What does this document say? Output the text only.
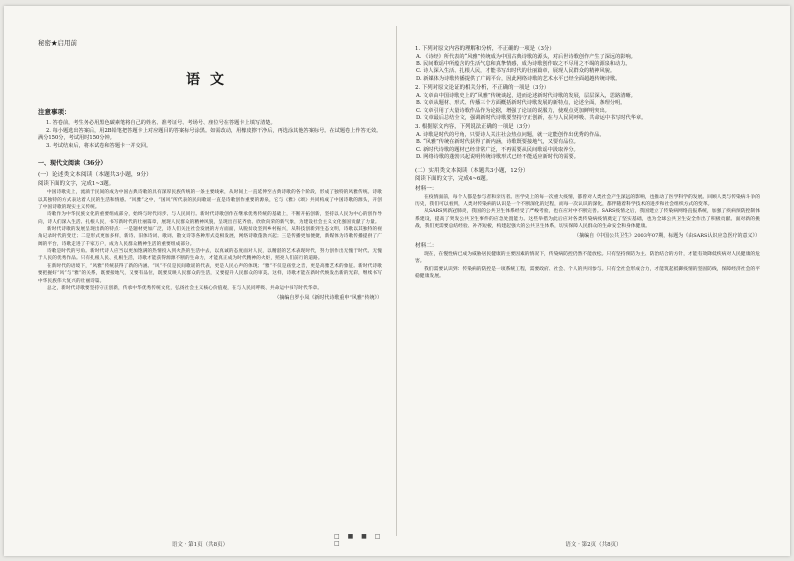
秘密★启用前
语文
注意事项：
1. 答卷前，考生务必用黑色碳素笔将自己的姓名、准考证号、考场号、座位号在答题卡上填写清楚。
2. 每小题选出答案后，用2B铅笔把答题卡上对应题目的答案标号涂黑。如需改动，用橡皮擦干净后，再选涂其他答案标号。在试题卷上作答无效。满分150分，考试用时150分钟。
3. 考试结束后，将本试卷和答题卡一并交回。
一、现代文阅读（36分）
(一）论述类文本阅读（本题共3小题，9分）
阅读下面的文字，完成1~3题。
中国诗歌史上，流淌于民间的成为中国古典诗歌的具有深厚民族传统的一条主要线索，从时间上一直延伸至古典诗歌的各个阶段，形成了独特的风雅传统。诗歌以其独特的方式表达着人民的生活和情感。“风雅”之中，“国风”所代表的民间歌谣一直是诗歌创作重要的源泉，它与《雅》《颂》共同构成了中国诗歌的源头，开创了中国诗歌的现实主义传统。
诗歌作为中华民族文化的重要组成部分，始终与时代同步、与人民同行。新时代诗歌创作在继承优秀传统的基础上，不断开拓创新，坚持以人民为中心的创作导向，诗人们深入生活、扎根人民，书写新时代的壮丽篇章，展现人民群众的精神风貌，呈现出百花齐放、欣欣向荣的新气象，为建设社会主义文化强国贡献了力量。
新时代诗歌的发展呈现出新的特点：一是题材更加广泛，诗人们关注社会发展的方方面面，从脱贫攻坚到乡村振兴，从科技创新到生态文明，诗歌以其独特的视角记录时代的变迁；二是形式更加多样，新诗、旧体诗词、歌词、散文诗等各种形式竞相发展，网络诗歌蓬勃兴起；三是传播更加便捷，新媒体为诗歌传播提供了广阔的平台，诗歌走进了千家万户，成为人民群众精神生活的重要组成部分。
诗歌是时代的号角。新时代诗人应当以更加饱满的热情投入到火热的生活中去，以真诚的态度面对人民，以精湛的艺术表现时代，努力创作出无愧于时代、无愧于人民的优秀作品。只有扎根人民、扎根生活，诗歌才能获得源源不断的生命力，才能真正成为时代精神的火炬，照亮人们前行的道路。
在新时代的语境下，“风雅”传统获得了新的内涵。“风”不仅是民间歌谣的代表，更是人民心声的体现；“雅”不仅是庙堂之音，更是高雅艺术的象征。新时代诗歌要把握好“风”与“雅”的关系，既要接地气，又要有品位，既要反映人民群众的生活，又要提升人民群众的审美。这样，诗歌才能在新时代焕发出新的光彩，继续书写中华民族伟大复兴的壮丽诗篇。
总之，新时代诗歌要坚持守正创新，传承中华优秀传统文化，弘扬社会主义核心价值观，在与人民同呼吸、共命运中书写时代华章。
（摘编自罗小凤《新时代诗歌重申“风雅”传统》）
语文 · 第1页（共8页）
□ ■ ■ □ □
1. 下列对原文内容的理解和分析，不正确的一项是（3分）
A. 《诗经》所代表的“风雅”传统成为中国古典诗歌的源头，对后世诗歌创作产生了深远的影响。
B. 民间歌谣中所蕴含的生活气息和真挚情感，成为诗歌创作取之不尽用之不竭的源泉和动力。
C. 诗人深入生活、扎根人民，才能书写出时代的壮丽篇章，展现人民群众的精神风貌。
D. 新媒体为诗歌传播提供了广阔平台，因此网络诗歌的艺术水平已经全面超越传统诗歌。
2. 下列对原文论证的相关分析，不正确的一项是（3分）
A. 文章由中国诗歌史上的“风雅”传统谈起，进而论述新时代诗歌的发展，层层深入，思路清晰。
B. 文章从题材、形式、传播三个方面概括新时代诗歌发展的新特点，论述全面，条理分明。
C. 文章引用了大量诗歌作品作为论据，增强了论证的说服力，使观点更加鲜明突出。
D. 文章最后总结全文，强调新时代诗歌要坚持守正创新，在与人民同呼吸、共命运中书写时代华章。
3. 根据原文内容，下列说法正确的一项是（3分）
A. 诗歌是时代的号角，只要诗人关注社会热点问题，就一定能创作出优秀的作品。
B. “风雅”传统在新时代获得了新内涵，诗歌既要接地气，又要有品位。
C. 新时代诗歌的题材已经非常广泛，不再需要从民间歌谣中汲取养分。
D. 网络诗歌的蓬勃兴起说明传统诗歌形式已经不能适应新时代的需要。
(二）实用类文本阅读（本题共3小题，12分）
阅读下面的文字，完成4~6题。
材料一：
在疫情面前，每个人都是参与者和亲历者。医学史上的每一次重大疫情，都曾对人类社会产生深远的影响，也推动了医学科学的发展。回顾人类与传染病斗争的历史，我们可以看到，人类对传染病的认识是一个不断深化的过程，而每一次认识的深化，都伴随着科学技术的进步和社会组织方式的变革。
从SARS到新冠肺炎，我国的公共卫生体系经受了严峻考验，也在应对中不断完善。SARS疫情之后，我国建立了传染病网络直报系统，加强了疾病预防控制体系建设，提高了突发公共卫生事件的应急处置能力。这些举措为此后应对各类传染病疫情奠定了坚实基础，也为全球公共卫生安全作出了积极贡献。面对新的挑战，我们更需要总结经验、补齐短板，构建起强大的公共卫生体系，切实保障人民群众的生命安全和身体健康。
（摘编自《中国公共卫生》2003年07期，标题为《由SARS认识应急医疗的意义》）
材料二：
现在，在慢性病已成为威胁居民健康的主要因素的情况下，传染病防控仍然不能放松。只有坚持预防为主、防治结合的方针，才能有效降低疾病对人民健康的危害。
我们需要认识到：传染病的防控是一项系统工程，需要政府、社会、个人的共同参与。只有全社会形成合力，才能筑起抵御疫情的坚固防线，保障经济社会的平稳健康发展。
语文 · 第2页（共8页）
